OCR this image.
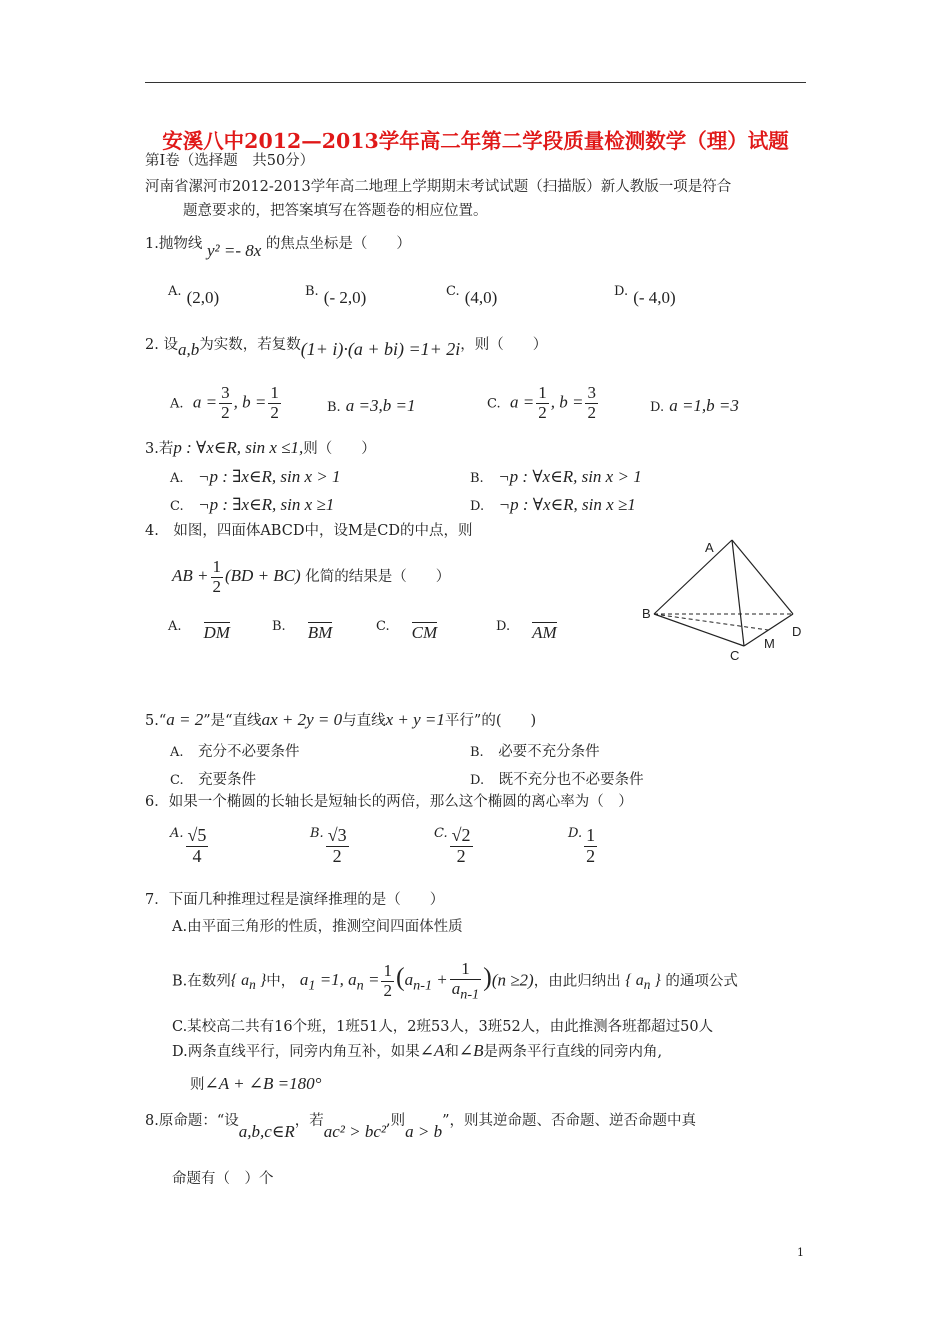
安溪八中2012—2013学年高二年第二学段质量检测数学（理）试题
第Ⅰ卷（选择题　共50分）
河南省漯河市2012-2013学年高二地理上学期期末考试试题（扫描版）新人教版一项是符合
题意要求的，把答案填写在答题卷的相应位置。
1.抛物线 y² =- 8x 的焦点坐标是（　　）
A. (2,0)	B. (- 2,0)	C. (4,0)	D. (- 4,0)
2. 设a,b为实数，若复数(1+ i)·(a + bi) =1+ 2i，则（　　）
A.  $a = \frac{3}{2}$ , $b = \frac{1}{2}$	B. a =3,b =1	C.  $a = \frac{1}{2}$ , $b = \frac{3}{2}$	D. a =1,b =3
3.若p : ∀x∈R, sin x ≤1,则（　　）
A.　 ¬p : ∃x∈R, sin x > 1	B.　 ¬p : ∀x∈R, sin x > 1
C.　 ¬p : ∃x∈R, sin x ≥1	D.　 ¬p : ∀x∈R, sin x ≥1
4.　如图，四面体ABCD中，设M是CD的中点，则
AB + $\frac{1}{2} (BD + BC)$ 化简的结果是（　　）
A. DM	B. BM	C. CM	D. AM
A
B
C
D
M
5.“a = 2”是“直线ax + 2y = 0与直线x + y =1平行”的(　　)
A.　 充分不必要条件	B.　 必要不充分条件
C.　 充要条件	D.　 既不充分也不必要条件
6．如果一个椭圆的长轴长是短轴长的两倍，那么这个椭圆的离心率为（　）
$^{A.} \frac{√5}{4}$	$^{B.} \frac{√3}{2}$	$^{C.} \frac{√2}{2}$	$^{D.} \frac{1}{2}$
7．下面几种推理过程是演绎推理的是（　　）
A.由平面三角形的性质，推测空间四面体性质
B.在数列{ $a_n$ }中， $a_1 =1$, $a_n = \frac{1}{2} (a_{n-1} + \frac{1}{a_{n-1}} )(n \ge 2)$，由此归纳出 { $a_n$ } 的通项公式
C.某校高二共有16个班，1班51人，2班53人，3班52人，由此推测各班都超过50人
D.两条直线平行，同旁内角互补，如果∠A和∠B是两条平行直线的同旁内角,
则∠A + ∠B =180°
8.原命题：“设a,b,c∈R，若ac² > bc²,则a > b”，则其逆命题、否命题、逆否命题中真
命题有（　）个
1
